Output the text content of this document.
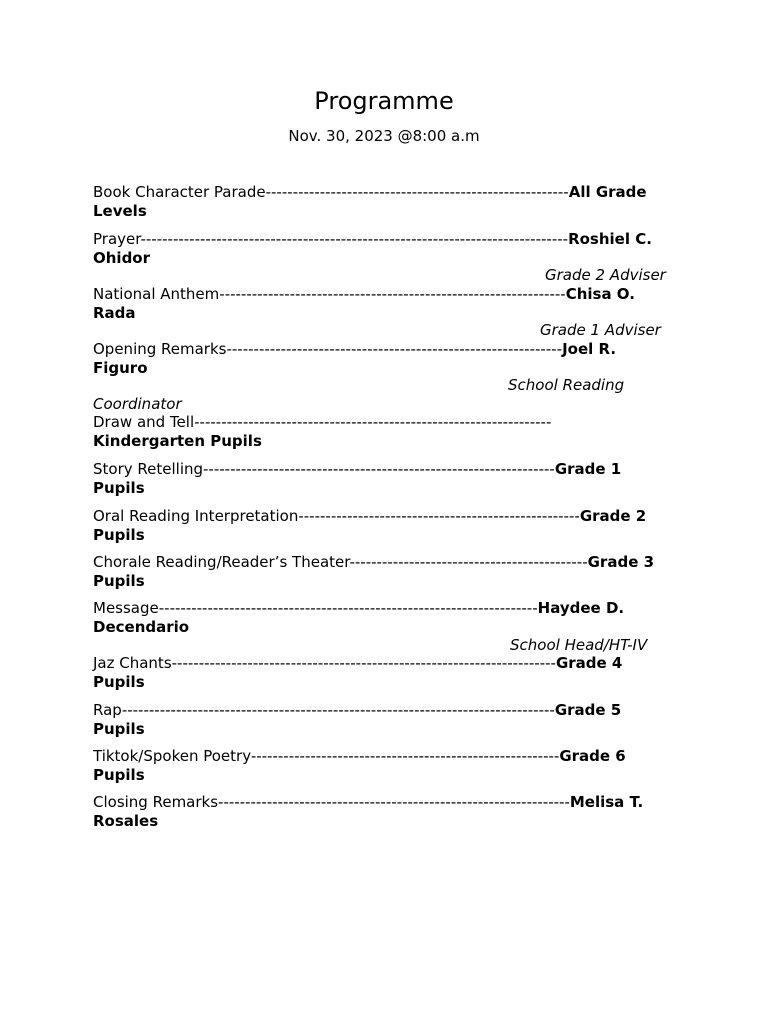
Programme
Nov. 30, 2023 @8:00 a.m
Book Character Parade--------------------------------------------------------All Grade Levels
Prayer-------------------------------------------------------------------------------Roshiel C. Ohidor
Grade 2 Adviser
National Anthem----------------------------------------------------------------Chisa O. Rada
Grade 1 Adviser
Opening Remarks--------------------------------------------------------------Joel R. Figuro
School Reading
Coordinator
Draw and Tell------------------------------------------------------------------
Kindergarten Pupils
Story Retelling-----------------------------------------------------------------Grade 1 Pupils
Oral Reading Interpretation----------------------------------------------------Grade 2 Pupils
Chorale Reading/Reader’s Theater--------------------------------------------Grade 3 Pupils
Message----------------------------------------------------------------------Haydee D. Decendario
School Head/HT-IV
Jaz Chants-----------------------------------------------------------------------Grade 4 Pupils
Rap--------------------------------------------------------------------------------Grade 5 Pupils
Tiktok/Spoken Poetry---------------------------------------------------------Grade 6 Pupils
Closing Remarks-----------------------------------------------------------------Melisa T. Rosales
